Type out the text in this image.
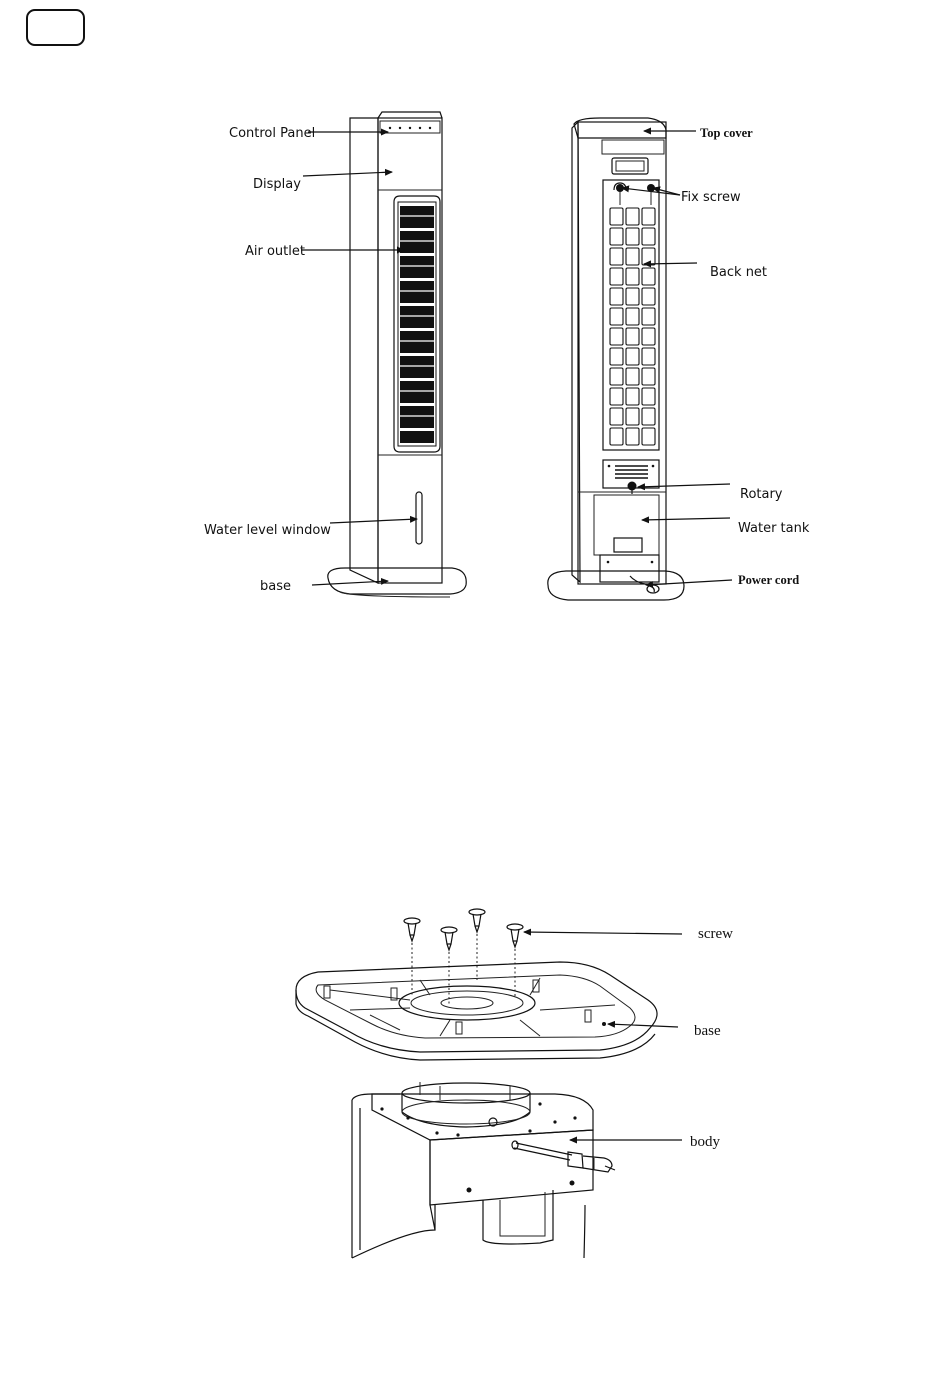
Control Panel
Display
Air outlet
Water level window
base
Top cover
Fix screw
Back net
Rotary
Water tank
Power cord
screw
base
body
